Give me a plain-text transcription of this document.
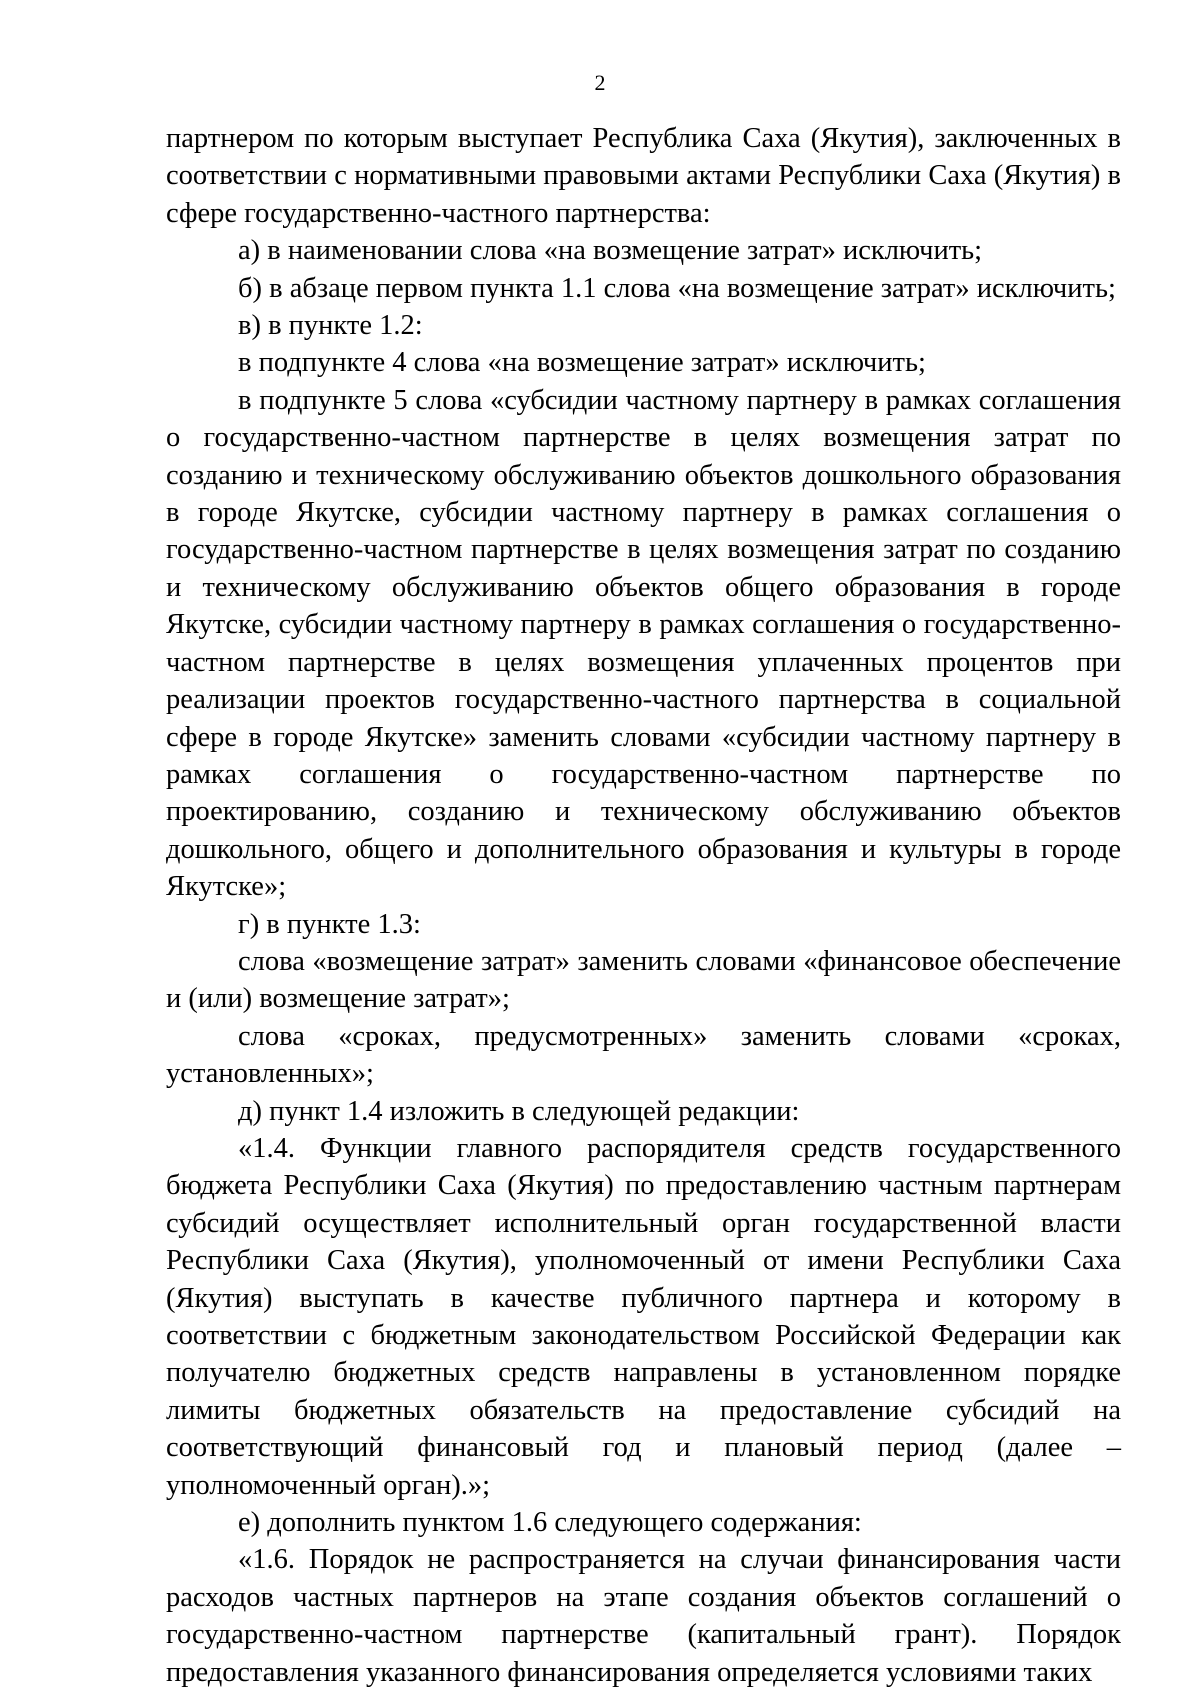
2

партнером по которым выступает Республика Саха (Якутия), заключенных в соответствии с нормативными правовыми актами Республики Саха (Якутия) в сфере государственно-частного партнерства:

а) в наименовании слова «на возмещение затрат» исключить;

б) в абзаце первом пункта 1.1 слова «на возмещение затрат» исключить;

в) в пункте 1.2:

в подпункте 4 слова «на возмещение затрат» исключить;

в подпункте 5 слова «субсидии частному партнеру в рамках соглашения о государственно-частном партнерстве в целях возмещения затрат по созданию и техническому обслуживанию объектов дошкольного образования в городе Якутске, субсидии частному партнеру в рамках соглашения о государственно-частном партнерстве в целях возмещения затрат по созданию и техническому обслуживанию объектов общего образования в городе Якутске, субсидии частному партнеру в рамках соглашения о государственно-частном партнерстве в целях возмещения уплаченных процентов при реализации проектов государственно-частного партнерства в социальной сфере в городе Якутске» заменить словами «субсидии частному партнеру в рамках соглашения о государственно-частном партнерстве по проектированию, созданию и техническому обслуживанию объектов дошкольного, общего и дополнительного образования и культуры в городе Якутске»;

г) в пункте 1.3:

слова «возмещение затрат» заменить словами «финансовое обеспечение и (или) возмещение затрат»;

слова «сроках, предусмотренных» заменить словами «сроках, установленных»;

д) пункт 1.4 изложить в следующей редакции:

«1.4. Функции главного распорядителя средств государственного бюджета Республики Саха (Якутия) по предоставлению частным партнерам субсидий осуществляет исполнительный орган государственной власти Республики Саха (Якутия), уполномоченный от имени Республики Саха (Якутия) выступать в качестве публичного партнера и которому в соответствии с бюджетным законодательством Российской Федерации как получателю бюджетных средств направлены в установленном порядке лимиты бюджетных обязательств на предоставление субсидий на соответствующий финансовый год и плановый период (далее – уполномоченный орган).»;

е) дополнить пунктом 1.6 следующего содержания:

«1.6. Порядок не распространяется на случаи финансирования части расходов частных партнеров на этапе создания объектов соглашений о государственно-частном партнерстве (капитальный грант). Порядок предоставления указанного финансирования определяется условиями таких
